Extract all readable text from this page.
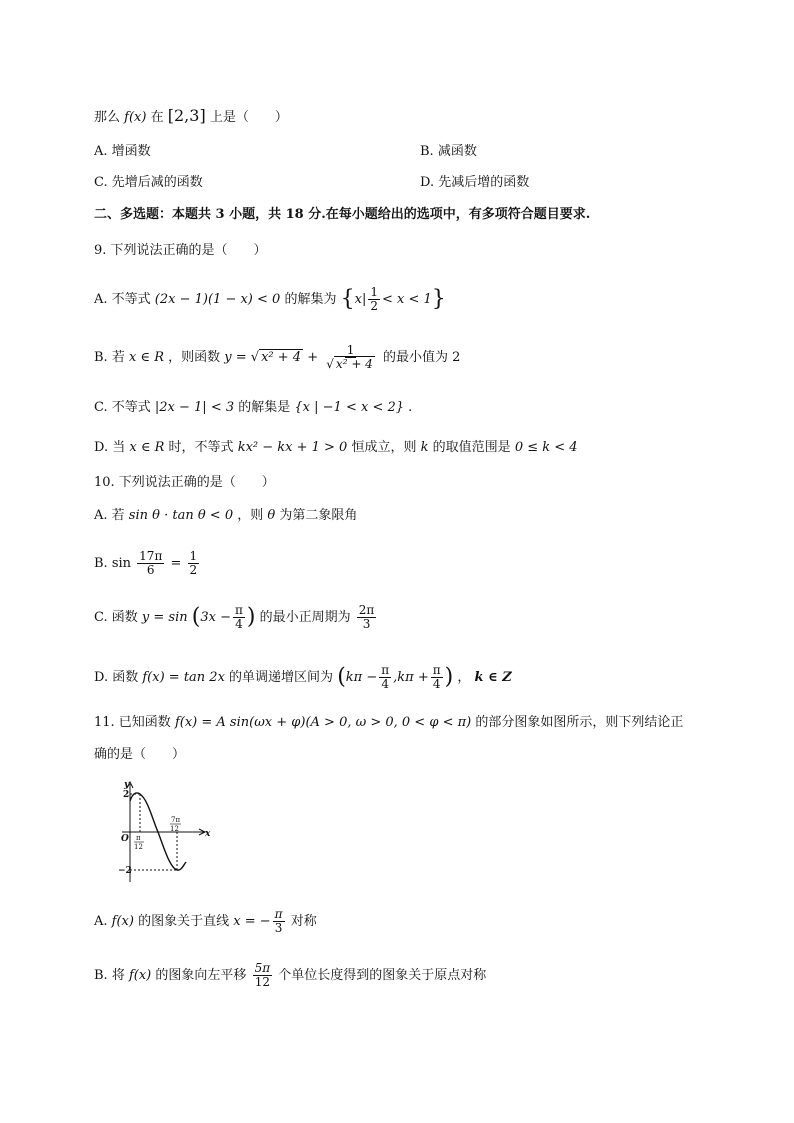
那么 f(x) 在 [2,3] 上是（　　）
A. 增函数	B. 减函数
C. 先增后减的函数	D. 先减后增的函数
二、多选题：本题共 3 小题，共 18 分.在每小题给出的选项中，有多项符合题目要求.
9. 下列说法正确的是（　　）
A. 不等式 (2x − 1)(1 − x) < 0 的解集为 $\{x| \frac{1}{2} < x < 1\}$
B. 若 x ∈ R ，则函数 y = √ $x^2 + 4 + \frac{1}{\text{√ x² + 4}}$ 的最小值为 2
C. 不等式 |2x − 1| < 3 的解集是 {x | −1 < x < 2} .
D. 当 x ∈ R 时，不等式 kx² − kx + 1 > 0 恒成立，则 k 的取值范围是 0 ≤ k < 4
10. 下列说法正确的是（　　）
A. 若 sin θ · tan θ < 0 ，则 θ 为第二象限角
B. $\sin \frac{17\pi}{6} = \frac{1}{2}$
C. 函数 $y = \sin (3x - \frac{\pi}{4}$ ) 的最小正周期为 $\frac{2\pi}{3}$
D. 函数 f(x) = tan 2x 的单调递增区间为 ($k\pi - \frac{\pi}{4} ,k\pi + \frac{\pi}{4}$ ) ， k ∈ Z
11. 已知函数 f(x) = A sin(ωx + φ)(A > 0, ω > 0, 0 < φ < π) 的部分图象如图所示，则下列结论正
确的是（　　）
y
x
O
2
−2
π
12
7π
12
A. f(x) 的图象关于直线 x = − $\frac{\pi}{3}$ 对称
B. 将 f(x) 的图象向左平移 $\frac{5\pi}{12}$ 个单位长度得到的图象关于原点对称
